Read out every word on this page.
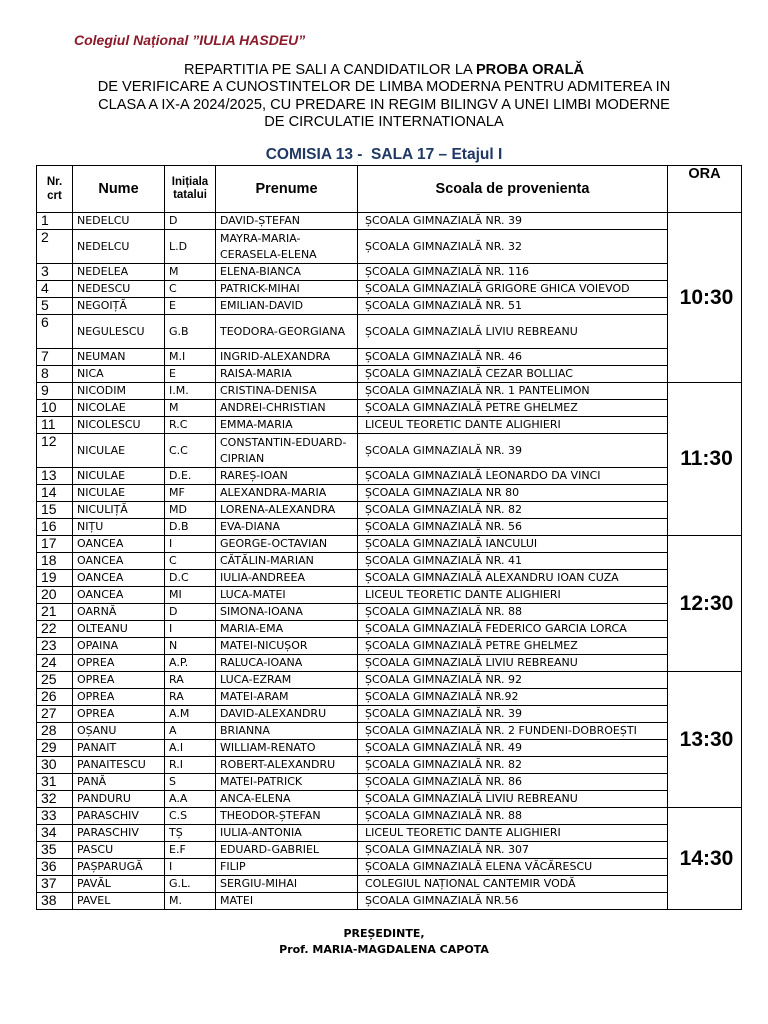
Colegiul Național ”IULIA HASDEU”
REPARTITIA PE SALI A CANDIDATILOR LA PROBA ORALĂ
DE VERIFICARE A CUNOSTINTELOR DE LIMBA MODERNA PENTRU ADMITEREA IN
CLASA A IX-A 2024/2025, CU PREDARE IN REGIM BILINGV A UNEI LIMBI MODERNE
DE CIRCULATIE INTERNATIONALA
COMISIA 13 -  SALA 17 – Etajul I
Nr.
crt	Nume	Inițiala
tatalui	Prenume	Scoala de provenienta	ORA
1	NEDELCU	D	DAVID-ȘTEFAN	ȘCOALA GIMNAZIALĂ NR. 39	10:30
2	NEDELCU	L.D	MAYRA-MARIA-CERASELA-ELENA	ȘCOALA GIMNAZIALĂ NR. 32	
3	NEDELEA	M	ELENA-BIANCA	ȘCOALA GIMNAZIALĂ NR. 116	
4	NEDESCU	C	PATRICK-MIHAI	ȘCOALA GIMNAZIALĂ GRIGORE GHICA VOIEVOD	
5	NEGOIȚĂ	E	EMILIAN-DAVID	ȘCOALA GIMNAZIALĂ NR. 51	
6	NEGULESCU	G.B	TEODORA-GEORGIANA	ȘCOALA GIMNAZIALĂ LIVIU REBREANU	
7	NEUMAN	M.I	INGRID-ALEXANDRA	ȘCOALA GIMNAZIALĂ NR. 46	
8	NICA	E	RAISA-MARIA	ȘCOALA GIMNAZIALĂ CEZAR BOLLIAC	
9	NICODIM	I.M.	CRISTINA-DENISA	ȘCOALA GIMNAZIALĂ NR. 1 PANTELIMON	11:30
10	NICOLAE	M	ANDREI-CHRISTIAN	ȘCOALA GIMNAZIALĂ PETRE GHELMEZ	
11	NICOLESCU	R.C	EMMA-MARIA	LICEUL TEORETIC DANTE ALIGHIERI	
12	NICULAE	C.C	CONSTANTIN-EDUARD-CIPRIAN	ȘCOALA GIMNAZIALĂ NR. 39	
13	NICULAE	D.E.	RAREȘ-IOAN	ȘCOALA GIMNAZIALĂ LEONARDO DA VINCI	
14	NICULAE	MF	ALEXANDRA-MARIA	ȘCOALA GIMNAZIALA NR 80	
15	NICULIȚĂ	MD	LORENA-ALEXANDRA	ȘCOALA GIMNAZIALĂ NR. 82	
16	NIȚU	D.B	EVA-DIANA	ȘCOALA GIMNAZIALĂ NR. 56	
17	OANCEA	I	GEORGE-OCTAVIAN	ȘCOALA GIMNAZIALĂ IANCULUI	12:30
18	OANCEA	C	CĂTĂLIN-MARIAN	ȘCOALA GIMNAZIALĂ NR. 41	
19	OANCEA	D.C	IULIA-ANDREEA	ȘCOALA GIMNAZIALĂ ALEXANDRU IOAN CUZA	
20	OANCEA	MI	LUCA-MATEI	LICEUL TEORETIC DANTE ALIGHIERI	
21	OARNĂ	D	SIMONA-IOANA	ȘCOALA GIMNAZIALĂ NR. 88	
22	OLTEANU	I	MARIA-EMA	ȘCOALA GIMNAZIALĂ FEDERICO GARCIA LORCA	
23	OPAINA	N	MATEI-NICUȘOR	ȘCOALA GIMNAZIALĂ PETRE GHELMEZ	
24	OPREA	A.P.	RALUCA-IOANA	ȘCOALA GIMNAZIALĂ LIVIU REBREANU	
25	OPREA	RA	LUCA-EZRAM	ȘCOALA GIMNAZIALĂ NR. 92	13:30
26	OPREA	RA	MATEI-ARAM	ȘCOALA GIMNAZIALĂ NR.92	
27	OPREA	A.M	DAVID-ALEXANDRU	ȘCOALA GIMNAZIALĂ NR. 39	
28	OȘANU	A	BRIANNA	ȘCOALA GIMNAZIALĂ NR. 2 FUNDENI-DOBROEȘTI	
29	PANAIT	A.I	WILLIAM-RENATO	ȘCOALA GIMNAZIALĂ NR. 49	
30	PANAITESCU	R.I	ROBERT-ALEXANDRU	ȘCOALA GIMNAZIALĂ NR. 82	
31	PANĂ	S	MATEI-PATRICK	ȘCOALA GIMNAZIALĂ NR. 86	
32	PANDURU	A.A	ANCA-ELENA	ȘCOALA GIMNAZIALĂ LIVIU REBREANU	
33	PARASCHIV	C.S	THEODOR-ȘTEFAN	ȘCOALA GIMNAZIALĂ NR. 88	14:30
34	PARASCHIV	TȘ	IULIA-ANTONIA	LICEUL TEORETIC DANTE ALIGHIERI	
35	PASCU	E.F	EDUARD-GABRIEL	ȘCOALA GIMNAZIALĂ NR. 307	
36	PAȘPARUGĂ	I	FILIP	ȘCOALA GIMNAZIALĂ ELENA VĂCĂRESCU	
37	PAVĂL	G.L.	SERGIU-MIHAI	COLEGIUL NAȚIONAL CANTEMIR VODĂ	
38	PAVEL	M.	MATEI	ȘCOALA GIMNAZIALĂ NR.56	
PREȘEDINTE,
Prof. MARIA-MAGDALENA CAPOTA
